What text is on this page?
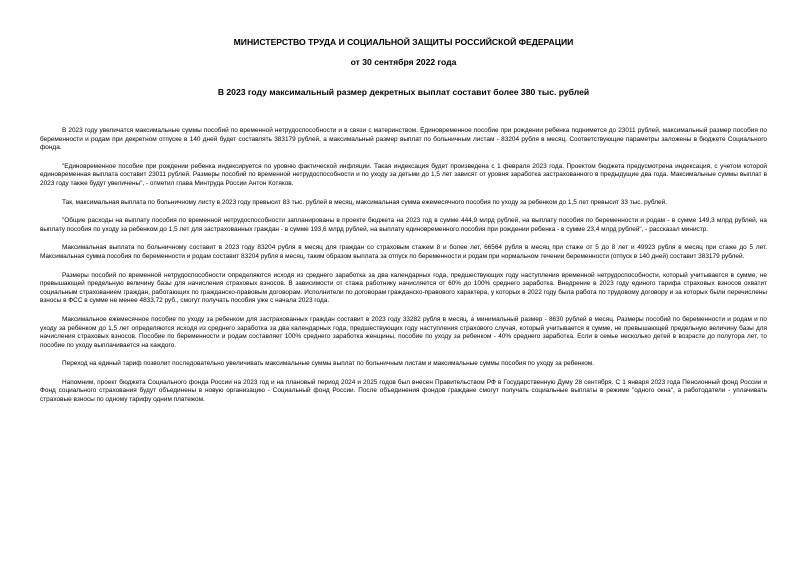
МИНИСТЕРСТВО ТРУДА И СОЦИАЛЬНОЙ ЗАЩИТЫ РОССИЙСКОЙ ФЕДЕРАЦИИ
от 30 сентября 2022 года
В 2023 году максимальный размер декретных выплат составит более 380 тыс. рублей

В 2023 году увеличатся максимальные суммы пособий по временной нетрудоспособности и в связи с материнством. Единовременное пособие при рождении ребенка поднимется до 23011 рублей, максимальный размер пособия по беременности и родам при декретном отпуске в 140 дней будет составлять 383179 рублей, а максимальный размер выплат по больничным листам - 83204 рубля в месяц. Соответствующие параметры заложены в бюджете Социального фонда.

"Единовременное пособие при рождении ребенка индексируется по уровню фактической инфляции. Такая индексация будет произведена с 1 февраля 2023 года. Проектом бюджета предусмотрена индексация, с учетом которой единовременная выплата составит 23011 рублей. Размеры пособий по временной нетрудоспособности и по уходу за детьми до 1,5 лет зависят от уровня заработка застрахованного в предыдущие два года. Максимальные суммы выплат в 2023 году также будут увеличены", - отметил глава Минтруда России Антон Котяков.

Так, максимальная выплата по больничному листу в 2023 году превысит 83 тыс. рублей в месяц, максимальная сумма ежемесячного пособия по уходу за ребенком до 1,5 лет превысит 33 тыс. рублей.

"Общие расходы на выплату пособия по временной нетрудоспособности запланированы в проекте бюджета на 2023 год в сумме 444,9 млрд рублей, на выплату пособия по беременности и родам - в сумме 149,3 млрд рублей, на выплату пособия по уходу за ребенком до 1,5 лет для застрахованных граждан - в сумме 193,6 млрд рублей, на выплату единовременного пособия при рождении ребенка - в сумме 23,4 млрд рублей", - рассказал министр.

Максимальная выплата по больничному составит в 2023 году 83204 рубля в месяц для граждан со страховым стажем 8 и более лет, 66564 рубля в месяц при стаже от 5 до 8 лет и 49923 рубля в месяц при стаже до 5 лет. Максимальная сумма пособия по беременности и родам составит 83204 рубля в месяц, таким образом выплата за отпуск по беременности и родам при нормальном течении беременности (отпуск в 140 дней) составит 383179 рублей.

Размеры пособий по временной нетрудоспособности определяются исходя из среднего заработка за два календарных года, предшествующих году наступления временной нетрудоспособности, который учитывается в сумме, не превышающей предельную величину базы для начисления страховых взносов. В зависимости от стажа работнику начисляется от 60% до 100% среднего заработка. Внедрение в 2023 году единого тарифа страховых взносов охватит социальным страхованием граждан, работающих по гражданско-правовым договорам. Исполнители по договорам гражданско-правового характера, у которых в 2022 году была работа по трудовому договору и за которых были перечислены взносы в ФСС в сумме не менее 4833,72 руб., смогут получать пособия уже с начала 2023 года.

Максимальное ежемесячное пособие по уходу за ребенком для застрахованных граждан составит в 2023 году 33282 рубля в месяц, а минимальный размер - 8630 рублей в месяц. Размеры пособий по беременности и родам и по уходу за ребенком до 1,5 лет определяются исходя из среднего заработка за два календарных года, предшествующих году наступления страхового случая, который учитывается в сумме, не превышающей предельную величину базы для начисления страховых взносов. Пособие по беременности и родам составляет 100% среднего заработка женщины, пособие по уходу за ребенком - 40% среднего заработка. Если в семье несколько детей в возрасте до полутора лет, то пособие по уходу выплачивается на каждого.

Переход на единый тариф позволит последовательно увеличивать максимальные суммы выплат по больничным листам и максимальные суммы пособия по уходу за ребенком.

Напомним, проект бюджета Социального фонда России на 2023 год и на плановый период 2024 и 2025 годов был внесен Правительством РФ в Государственную Думу 28 сентября. С 1 января 2023 года Пенсионный фонд России и Фонд социального страхования будут объединены в новую организацию - Социальный фонд России. После объединения фондов граждане смогут получать социальные выплаты в режиме "одного окна", а работодатели - уплачивать страховые взносы по одному тарифу одним платежом.
